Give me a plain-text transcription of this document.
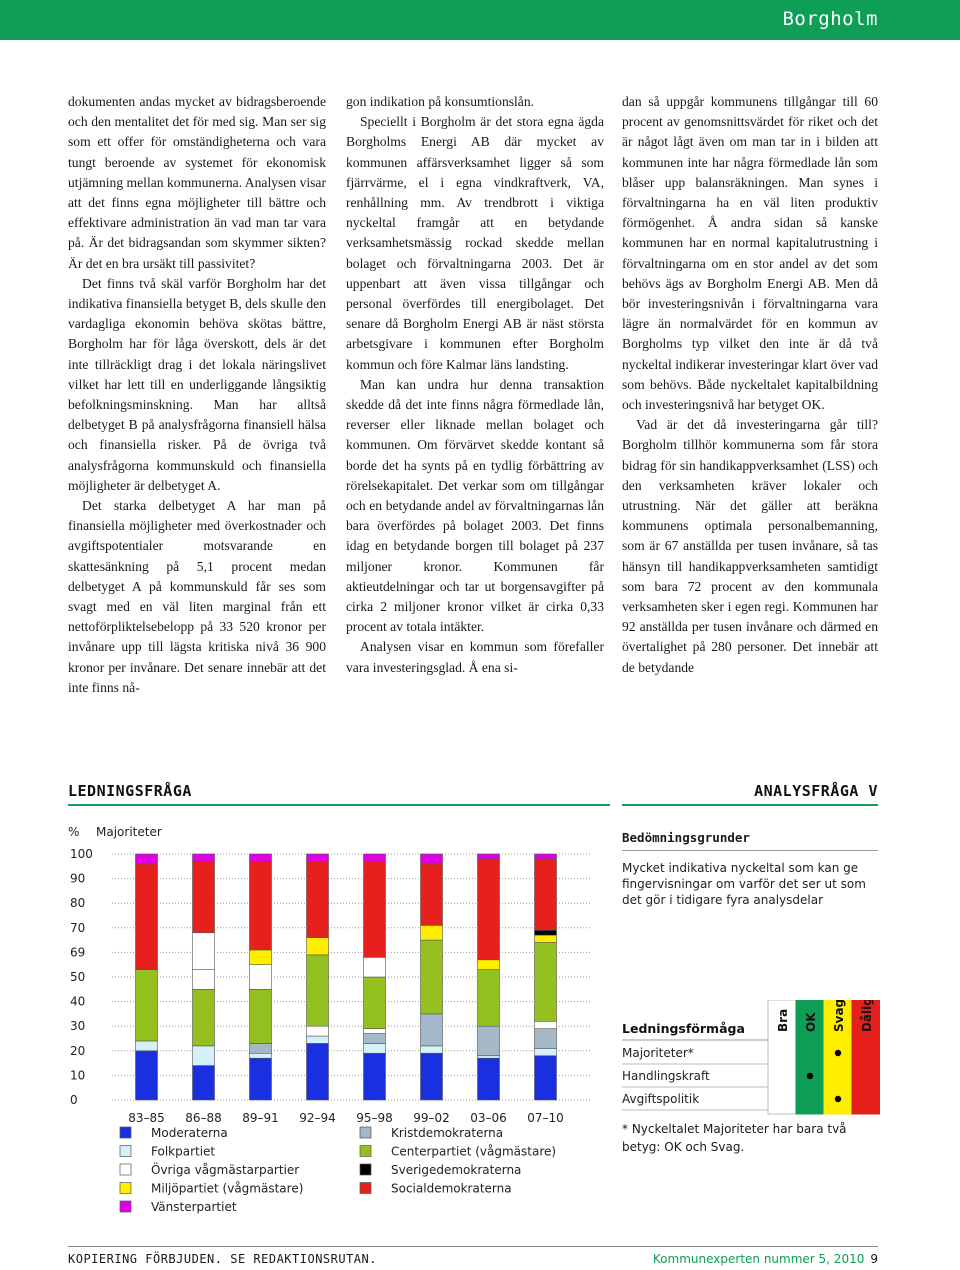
Borgholm

dokumenten andas mycket av bidragsberoende och den mentalitet det för med sig. Man ser sig som ett offer för omständigheterna och vara tungt beroende av systemet för ekonomisk utjämning mellan kommunerna. Analysen visar att det finns egna möjligheter till bättre och effektivare administration än vad man tar vara på. Är det bidragsandan som skymmer sikten? Är det en bra ursäkt till passivitet?

Det finns två skäl varför Borgholm har det indikativa finansiella betyget B, dels skulle den vardagliga ekonomin behöva skötas bättre, Borgholm har för låga överskott, dels är det inte tillräckligt drag i det lokala näringslivet vilket har lett till en underliggande långsiktig befolkningsminskning. Man har alltså delbetyget B på analysfrågorna finansiell hälsa och finansiella risker. På de övriga två analysfrågorna kommunskuld och finansiella möjligheter är delbetyget A.

Det starka delbetyget A har man på finansiella möjligheter med överkostnader och avgiftspotentialer motsvarande en skattesänkning på 5,1 procent medan delbetyget A på kommunskuld får ses som svagt med en väl liten marginal från ett nettoförpliktelsebelopp på 33 520 kronor per invånare upp till lägsta kritiska nivå 36 900 kronor per invånare. Det senare innebär att det inte finns nå-

gon indikation på konsumtionslån.

Speciellt i Borgholm är det stora egna ägda Borgholms Energi AB där mycket av kommunen affärsverksamhet ligger så som fjärrvärme, el i egna vindkraftverk, VA, renhållning mm. Av trendbrott i viktiga nyckeltal framgår att en betydande verksamhetsmässig rockad skedde mellan bolaget och förvaltningarna 2003. Det är uppenbart att även vissa tillgångar och personal överfördes till energibolaget. Det senare då Borgholm Energi AB är näst största arbetsgivare i kommunen efter Borgholm kommun och före Kalmar läns landsting.

Man kan undra hur denna transaktion skedde då det inte finns några förmedlade lån, reverser eller liknade mellan bolaget och kommunen. Om förvärvet skedde kontant så borde det ha synts på en tydlig förbättring av rörelsekapitalet. Det verkar som om tillgångar och en betydande andel av förvaltningarnas lån bara överfördes på bolaget 2003. Det finns idag en betydande borgen till bolaget på 237 miljoner kronor. Kommunen får aktieutdelningar och tar ut borgensavgifter på cirka 2 miljoner kronor vilket är cirka 0,33 procent av totala intäkter.

Analysen visar en kommun som förefaller vara investeringsglad. Å ena si-

dan så uppgår kommunens tillgångar till 60 procent av genomsnittsvärdet för riket och det är något lågt även om man tar in i bilden att kommunen inte har några förmedlade lån som blåser upp balansräkningen. Man synes i förvaltningarna ha en väl liten produktiv förmögenhet. Å andra sidan så kanske kommunen har en normal kapitalutrustning i förvaltningarna om en stor andel av det som behövs ägs av Borgholm Energi AB. Men då bör investeringsnivån i förvaltningarna vara lägre än normalvärdet för en kommun av Borgholms typ vilket den inte är då två nyckeltal indikerar investeringar klart över vad som behövs. Både nyckeltalet kapitalbildning och investeringsnivå har betyget OK.

Vad är det då investeringarna går till? Borgholm tillhör kommunerna som får stora bidrag för sin handikappverksamhet (LSS) och den verksamheten kräver lokaler och utrustning. När det gäller att beräkna kommunens optimala personalbemanning, som är 67 anställda per tusen invånare, så tas hänsyn till handikappverksamheten samtidigt som bara 72 procent av den kommunala verksamheten sker i egen regi. Kommunen har 92 anställda per tusen invånare och därmed en övertalighet på 280 personer. Det innebär att de betydande

LEDNINGSFRÅGA	ANALYSFRÅGA V
% Majoriteter
0
10
20
30
40
50
69
70
80
90
100
83–85 86–88 89–91 92–94 95–98 99–02 03–06 07–10
Moderaterna
Folkpartiet
Övriga vågmästarpartier
Miljöpartiet (vågmästare)
Vänsterpartiet
Kristdemokraterna
Centerpartiet (vågmästare)
Sverigedemokraterna
Socialdemokraterna
Bedömningsgrunder
Mycket indikativa nyckeltal som kan ge fingervisningar om varför det ser ut som det gör i tidigare fyra analysdelar
Bra OK Svag Dålig
Ledningsförmåga
Majoriteter*
Handlingskraft
Avgiftspolitik
* Nyckeltalet Majoriteter har bara två betyg: OK och Svag.
KOPIERING FÖRBJUDEN. SE REDAKTIONSRUTAN.	Kommunexperten nummer 5, 2010 9
